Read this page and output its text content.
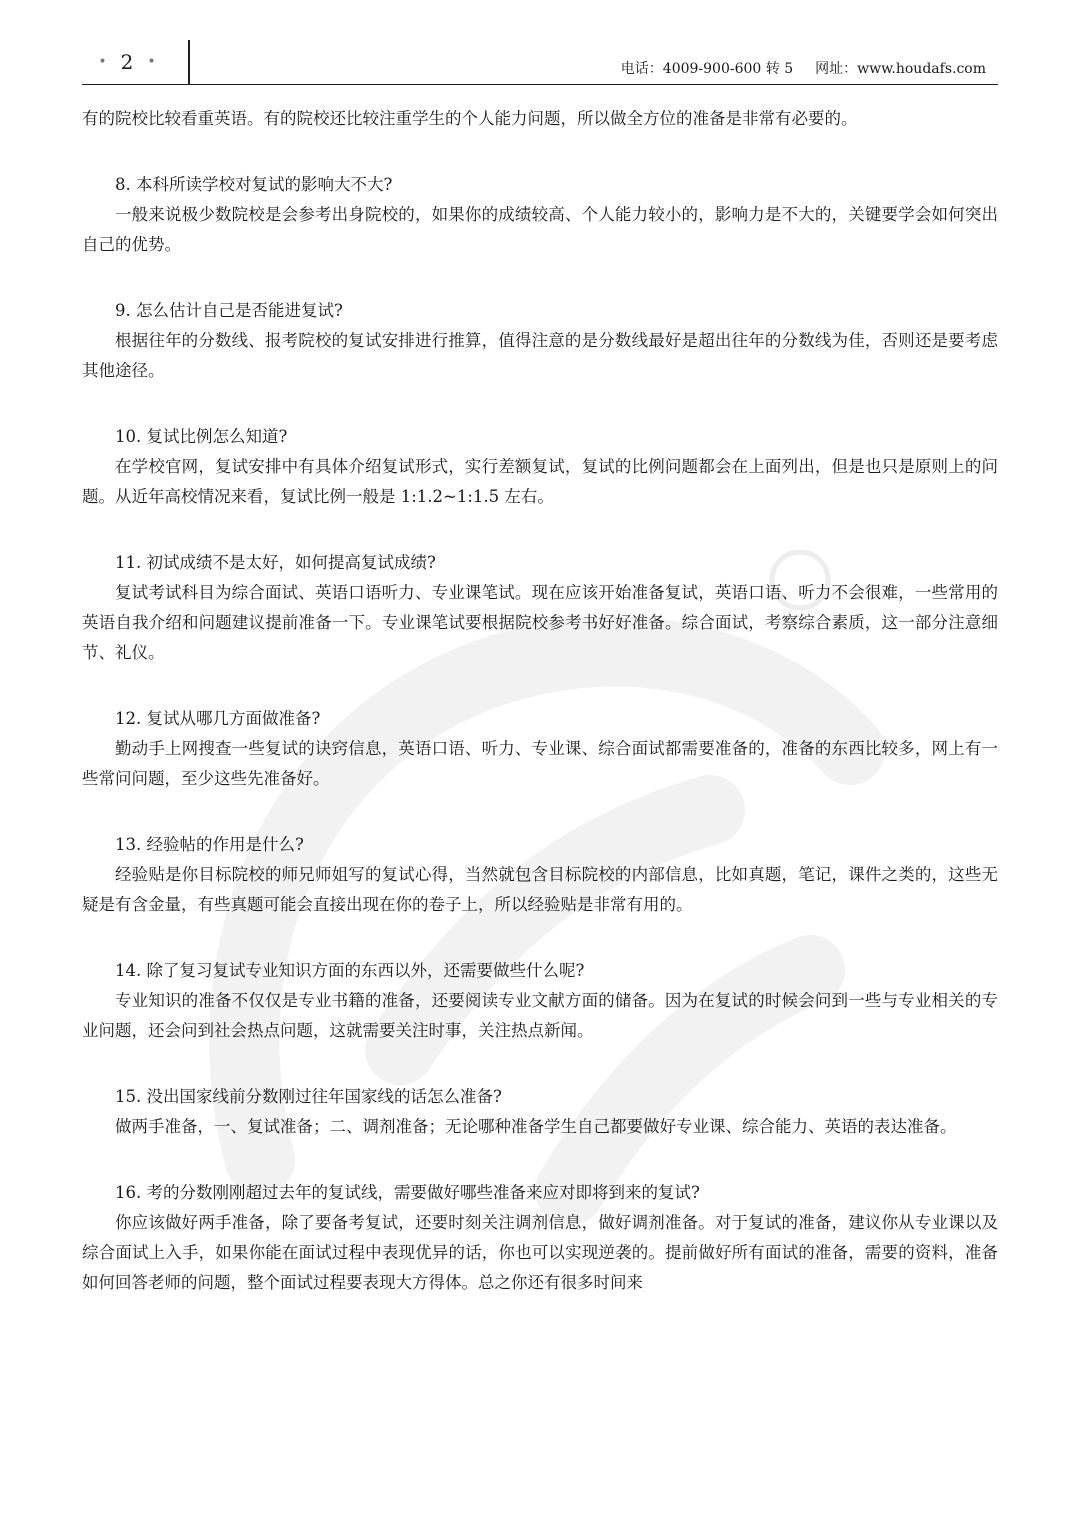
• 2 •	电话：4009-900-600 转 5 网址：www.houdafs.com

有的院校比较看重英语。有的院校还比较注重学生的个人能力问题，所以做全方位的准备是非常有必要的。

8. 本科所读学校对复试的影响大不大?

一般来说极少数院校是会参考出身院校的，如果你的成绩较高、个人能力较小的，影响力是不大的，关键要学会如何突出自己的优势。

9. 怎么估计自己是否能进复试?

根据往年的分数线、报考院校的复试安排进行推算，值得注意的是分数线最好是超出往年的分数线为佳，否则还是要考虑其他途径。

10. 复试比例怎么知道?

在学校官网，复试安排中有具体介绍复试形式，实行差额复试，复试的比例问题都会在上面列出，但是也只是原则上的问题。从近年高校情况来看，复试比例一般是 1:1.2~1:1.5 左右。

11. 初试成绩不是太好，如何提高复试成绩?

复试考试科目为综合面试、英语口语听力、专业课笔试。现在应该开始准备复试，英语口语、听力不会很难，一些常用的英语自我介绍和问题建议提前准备一下。专业课笔试要根据院校参考书好好准备。综合面试，考察综合素质，这一部分注意细节、礼仪。

12. 复试从哪几方面做准备?

勤动手上网搜查一些复试的诀窍信息，英语口语、听力、专业课、综合面试都需要准备的，准备的东西比较多，网上有一些常问问题，至少这些先准备好。

13. 经验帖的作用是什么?

经验贴是你目标院校的师兄师姐写的复试心得，当然就包含目标院校的内部信息，比如真题，笔记，课件之类的，这些无疑是有含金量，有些真题可能会直接出现在你的卷子上，所以经验贴是非常有用的。

14. 除了复习复试专业知识方面的东西以外，还需要做些什么呢?

专业知识的准备不仅仅是专业书籍的准备，还要阅读专业文献方面的储备。因为在复试的时候会问到一些与专业相关的专业问题，还会问到社会热点问题，这就需要关注时事，关注热点新闻。

15. 没出国家线前分数刚过往年国家线的话怎么准备?

做两手准备，一、复试准备；二、调剂准备；无论哪种准备学生自己都要做好专业课、综合能力、英语的表达准备。

16. 考的分数刚刚超过去年的复试线，需要做好哪些准备来应对即将到来的复试?

你应该做好两手准备，除了要备考复试，还要时刻关注调剂信息，做好调剂准备。对于复试的准备，建议你从专业课以及综合面试上入手，如果你能在面试过程中表现优异的话，你也可以实现逆袭的。提前做好所有面试的准备，需要的资料，准备如何回答老师的问题，整个面试过程要表现大方得体。总之你还有很多时间来
